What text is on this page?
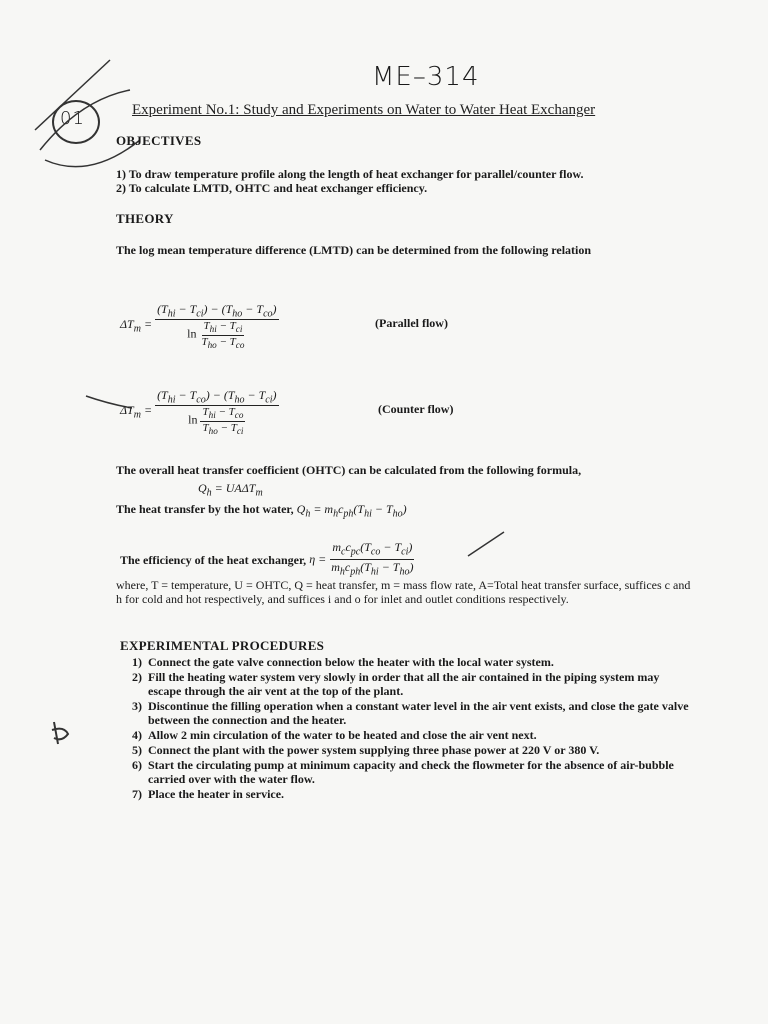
ME–314
01	Experiment No.1: Study and Experiments on Water to Water Heat Exchanger
OBJECTIVES
1) To draw temperature profile along the length of heat exchanger for parallel/counter flow.
2) To calculate LMTD, OHTC and heat exchanger efficiency.
THEORY
The log mean temperature difference (LMTD) can be determined from the following relation
$\Delta T_m = \frac{(T_{hi} - T_{ci}) - (T_{ho} - T_{co})}{\ln \frac{T_{hi} - T_{ci}}{T_{ho} - T_{co}}}$	(Parallel flow)
$\Delta T_m = \frac{(T_{hi} - T_{co}) - (T_{ho} - T_{ci})}{\ln \frac{T_{hi} - T_{co}}{T_{ho} - T_{ci}}}$	(Counter flow)
The overall heat transfer coefficient (OHTC) can be calculated from the following formula,
$Q_h = UA\Delta T_m$
The heat transfer by the hot water, $Q_h = m_hc_{ph}(T_{hi} - T_{ho})$
The efficiency of the heat exchanger, $\eta = \frac{m_cc_{pc}(T_{co} - T_{ci})}{m_hc_{ph}(T_{hi} - T_{ho})}$
where, T = temperature, U = OHTC, Q = heat transfer, m = mass flow rate, A=Total heat transfer surface, suffices c and h for cold and hot respectively, and suffices i and o for inlet and outlet conditions respectively.
EXPERIMENTAL PROCEDURES
1) Connect the gate valve connection below the heater with the local water system.
2) Fill the heating water system very slowly in order that all the air contained in the piping system may escape through the air vent at the top of the plant.
3) Discontinue the filling operation when a constant water level in the air vent exists, and close the gate valve between the connection and the heater.
4) Allow 2 min circulation of the water to be heated and close the air vent next.
5) Connect the plant with the power system supplying three phase power at 220 V or 380 V.
6) Start the circulating pump at minimum capacity and check the flowmeter for the absence of air-bubble carried over with the water flow.
7) Place the heater in service.
